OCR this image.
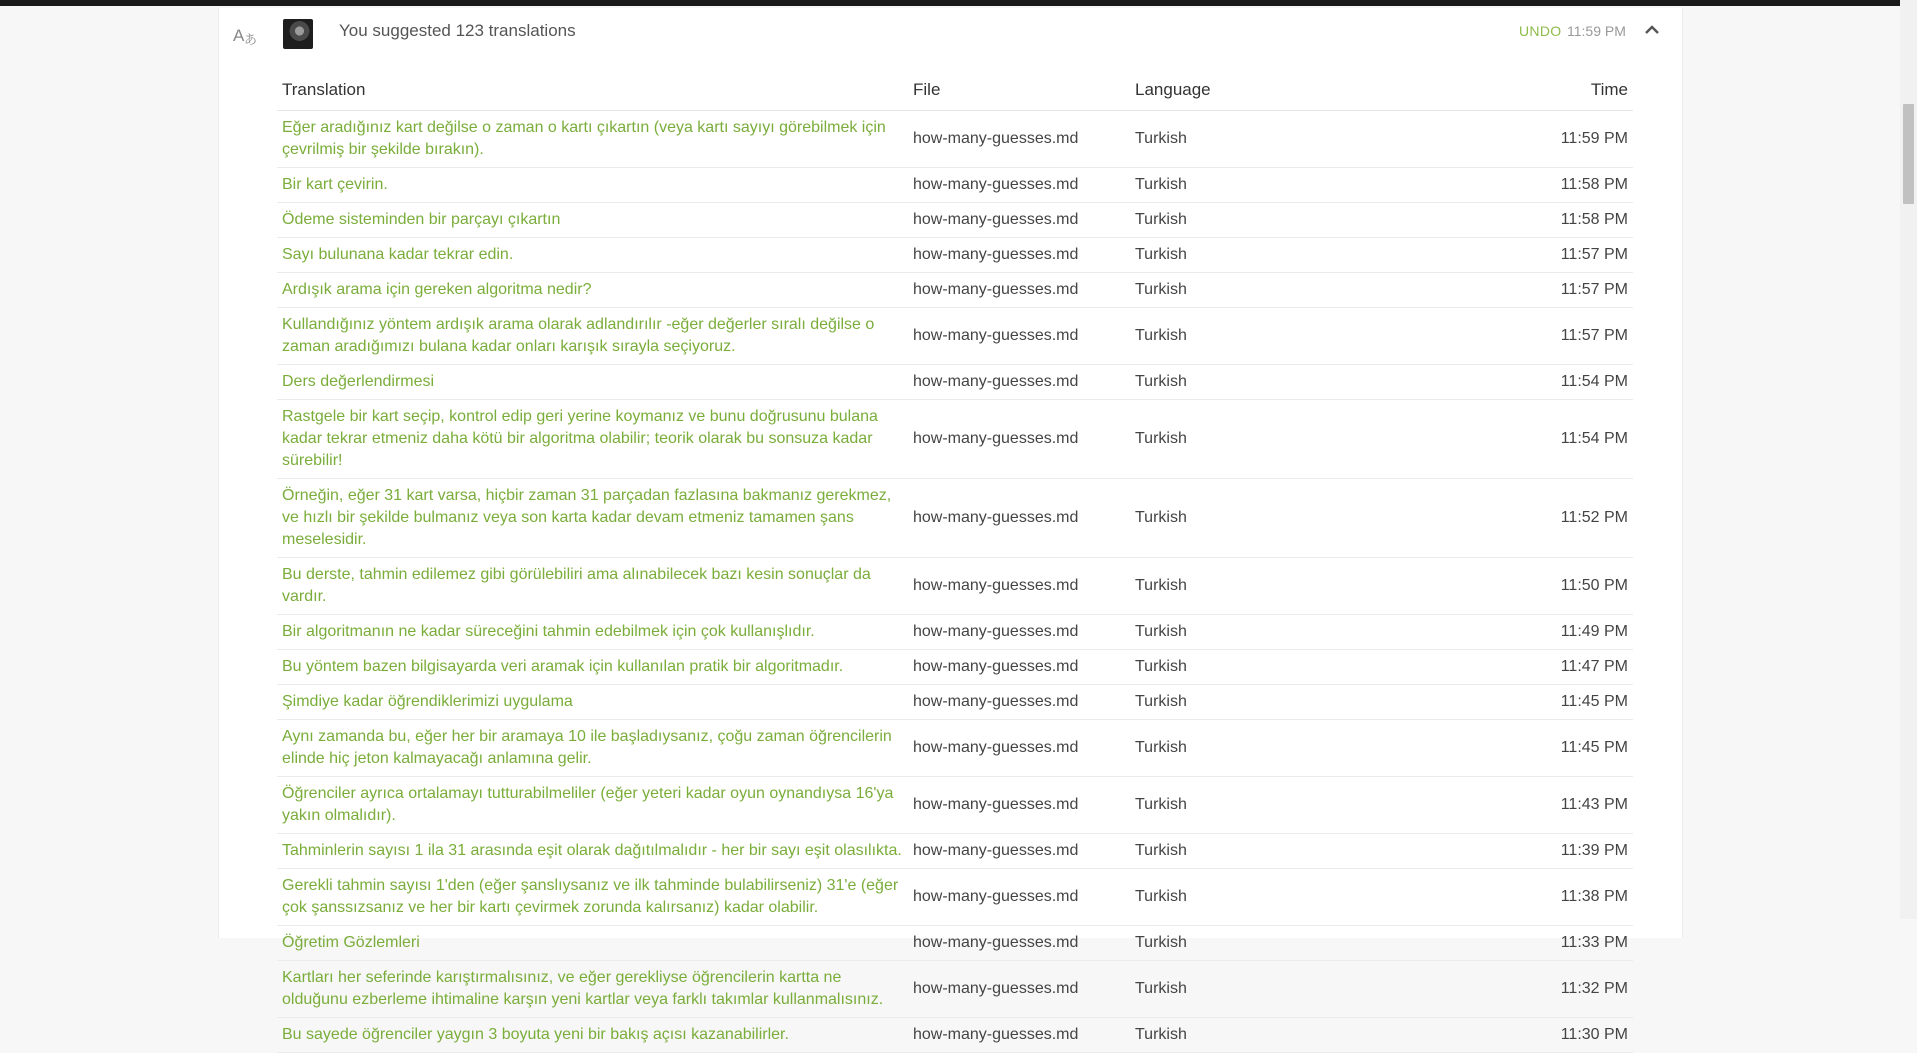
A あ
You suggested 123 translations	UNDO 11:59 PM
Translation	File	Language	Time
Eğer aradığınız kart değilse o zaman o kartı çıkartın (veya kartı sayıyı görebilmek için çevrilmiş bir şekilde bırakın).	how-many-guesses.md	Turkish	11:59 PM
Bir kart çevirin.	how-many-guesses.md	Turkish	11:58 PM
Ödeme sisteminden bir parçayı çıkartın	how-many-guesses.md	Turkish	11:58 PM
Sayı bulunana kadar tekrar edin.	how-many-guesses.md	Turkish	11:57 PM
Ardışık arama için gereken algoritma nedir?	how-many-guesses.md	Turkish	11:57 PM
Kullandığınız yöntem ardışık arama olarak adlandırılır -eğer değerler sıralı değilse o zaman aradığımızı bulana kadar onları karışık sırayla seçiyoruz.	how-many-guesses.md	Turkish	11:57 PM
Ders değerlendirmesi	how-many-guesses.md	Turkish	11:54 PM
Rastgele bir kart seçip, kontrol edip geri yerine koymanız ve bunu doğrusunu bulana kadar tekrar etmeniz daha kötü bir algoritma olabilir; teorik olarak bu sonsuza kadar sürebilir!	how-many-guesses.md	Turkish	11:54 PM
Örneğin, eğer 31 kart varsa, hiçbir zaman 31 parçadan fazlasına bakmanız gerekmez, ve hızlı bir şekilde bulmanız veya son karta kadar devam etmeniz tamamen şans meselesidir.	how-many-guesses.md	Turkish	11:52 PM
Bu derste, tahmin edilemez gibi görülebiliri ama alınabilecek bazı kesin sonuçlar da vardır.	how-many-guesses.md	Turkish	11:50 PM
Bir algoritmanın ne kadar süreceğini tahmin edebilmek için çok kullanışlıdır.	how-many-guesses.md	Turkish	11:49 PM
Bu yöntem bazen bilgisayarda veri aramak için kullanılan pratik bir algoritmadır.	how-many-guesses.md	Turkish	11:47 PM
Şimdiye kadar öğrendiklerimizi uygulama	how-many-guesses.md	Turkish	11:45 PM
Aynı zamanda bu, eğer her bir aramaya 10 ile başladıysanız, çoğu zaman öğrencilerin elinde hiç jeton kalmayacağı anlamına gelir.	how-many-guesses.md	Turkish	11:45 PM
Öğrenciler ayrıca ortalamayı tutturabilmeliler (eğer yeteri kadar oyun oynandıysa 16'ya yakın olmalıdır).	how-many-guesses.md	Turkish	11:43 PM
Tahminlerin sayısı 1 ila 31 arasında eşit olarak dağıtılmalıdır - her bir sayı eşit olasılıkta.	how-many-guesses.md	Turkish	11:39 PM
Gerekli tahmin sayısı 1'den (eğer şanslıysanız ve ilk tahminde bulabilirseniz) 31'e (eğer çok şanssızsanız ve her bir kartı çevirmek zorunda kalırsanız) kadar olabilir.	how-many-guesses.md	Turkish	11:38 PM
Öğretim Gözlemleri	how-many-guesses.md	Turkish	11:33 PM
Kartları her seferinde karıştırmalısınız, ve eğer gerekliyse öğrencilerin kartta ne olduğunu ezberleme ihtimaline karşın yeni kartlar veya farklı takımlar kullanmalısınız.	how-many-guesses.md	Turkish	11:32 PM
Bu sayede öğrenciler yaygın 3 boyuta yeni bir bakış açısı kazanabilirler.	how-many-guesses.md	Turkish	11:30 PM
